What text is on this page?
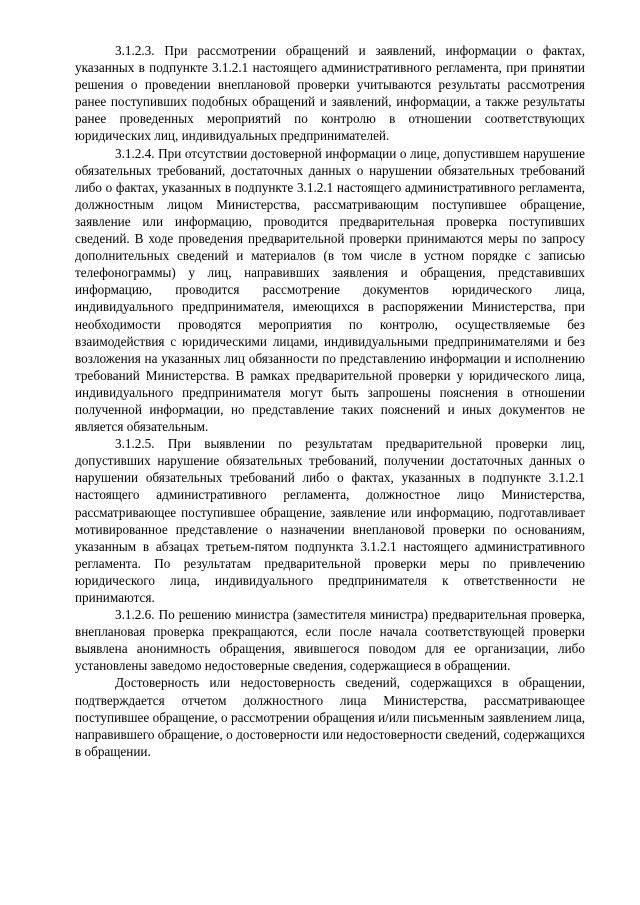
3.1.2.3. При рассмотрении обращений и заявлений, информации о фактах, указанных в подпункте 3.1.2.1 настоящего административного регламента, при принятии решения о проведении внеплановой проверки учитываются результаты рассмотрения ранее поступивших подобных обращений и заявлений, информации, а также результаты ранее проведенных мероприятий по контролю в отношении соответствующих юридических лиц, индивидуальных предпринимателей.

3.1.2.4. При отсутствии достоверной информации о лице, допустившем нарушение обязательных требований, достаточных данных о нарушении обязательных требований либо о фактах, указанных в подпункте 3.1.2.1 настоящего административного регламента, должностным лицом Министерства, рассматривающим поступившее обращение, заявление или информацию, проводится предварительная проверка поступивших сведений. В ходе проведения предварительной проверки принимаются меры по запросу дополнительных сведений и материалов (в том числе в устном порядке с записью телефонограммы) у лиц, направивших заявления и обращения, представивших информацию, проводится рассмотрение документов юридического лица, индивидуального предпринимателя, имеющихся в распоряжении Министерства, при необходимости проводятся мероприятия по контролю, осуществляемые без взаимодействия с юридическими лицами, индивидуальными предпринимателями и без возложения на указанных лиц обязанности по представлению информации и исполнению требований Министерства. В рамках предварительной проверки у юридического лица, индивидуального предпринимателя могут быть запрошены пояснения в отношении полученной информации, но представление таких пояснений и иных документов не является обязательным.

3.1.2.5. При выявлении по результатам предварительной проверки лиц, допустивших нарушение обязательных требований, получении достаточных данных о нарушении обязательных требований либо о фактах, указанных в подпункте 3.1.2.1 настоящего административного регламента, должностное лицо Министерства, рассматривающее поступившее обращение, заявление или информацию, подготавливает мотивированное представление о назначении внеплановой проверки по основаниям, указанным в абзацах третьем-пятом подпункта 3.1.2.1 настоящего административного регламента. По результатам предварительной проверки меры по привлечению юридического лица, индивидуального предпринимателя к ответственности не принимаются.

3.1.2.6. По решению министра (заместителя министра) предварительная проверка, внеплановая проверка прекращаются, если после начала соответствующей проверки выявлена анонимность обращения, явившегося поводом для ее организации, либо установлены заведомо недостоверные сведения, содержащиеся в обращении.

Достоверность или недостоверность сведений, содержащихся в обращении, подтверждается отчетом должностного лица Министерства, рассматривающее поступившее обращение, о рассмотрении обращения и/или письменным заявлением лица, направившего обращение, о достоверности или недостоверности сведений, содержащихся в обращении.
